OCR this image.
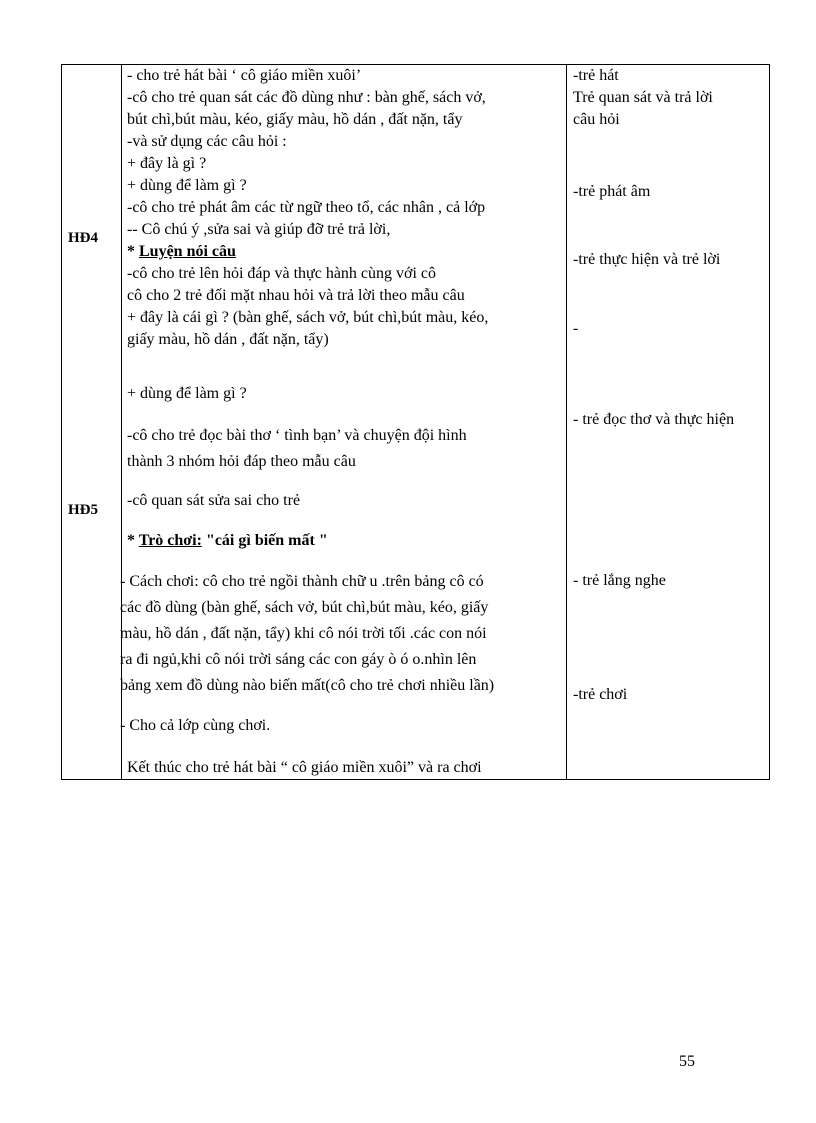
HĐ4
HĐ5

- cho trẻ hát bài ‘ cô giáo miền xuôi’

-cô cho trẻ quan sát các đồ dùng như : bàn ghế, sách vở,

bút chì,bút màu, kéo, giấy màu, hồ dán , đất nặn, tẩy

-và sử dụng các câu hỏi :

+ đây là gì ?

+ dùng để làm gì ?

-cô cho trẻ phát âm các từ ngữ theo tổ, các nhân , cả lớp

-- Cô chú ý ,sửa sai và giúp đỡ trẻ trả lời,

* Luyện nói câu

-cô cho trẻ lên hỏi đáp và thực hành cùng với cô

cô cho 2 trẻ đối mặt nhau hỏi và trả lời theo mẫu câu

+ đây là cái gì ? (bàn ghế, sách vở, bút chì,bút màu, kéo,

giấy màu, hồ dán , đất nặn, tẩy)

+ dùng để làm gì ?

-cô cho trẻ đọc bài thơ ‘ tình bạn’ và chuyện đội hình

thành 3 nhóm hỏi đáp theo mẫu câu

-cô quan sát sửa sai cho trẻ

* Trò chơi: "cái gì biến mất "

- Cách chơi: cô cho trẻ ngồi thành chữ u .trên bảng cô có

các đồ dùng (bàn ghế, sách vở, bút chì,bút màu, kéo, giấy

màu, hồ dán , đất nặn, tẩy) khi cô nói trời tối .các con nói

ra đi ngủ,khi cô nói trời sáng các con gáy ò ó o.nhìn lên

bảng xem đồ dùng nào biến mất(cô cho trẻ chơi nhiều lần)

- Cho cả lớp cùng chơi.

Kết thúc cho trẻ hát bài “ cô giáo miền xuôi” và ra chơi

-trẻ hát

Trẻ quan sát và trả lời

câu hỏi

-trẻ phát âm

-trẻ thực hiện và trẻ lời

-

- trẻ đọc thơ và thực hiện

- trẻ lắng nghe

-trẻ chơi

55
